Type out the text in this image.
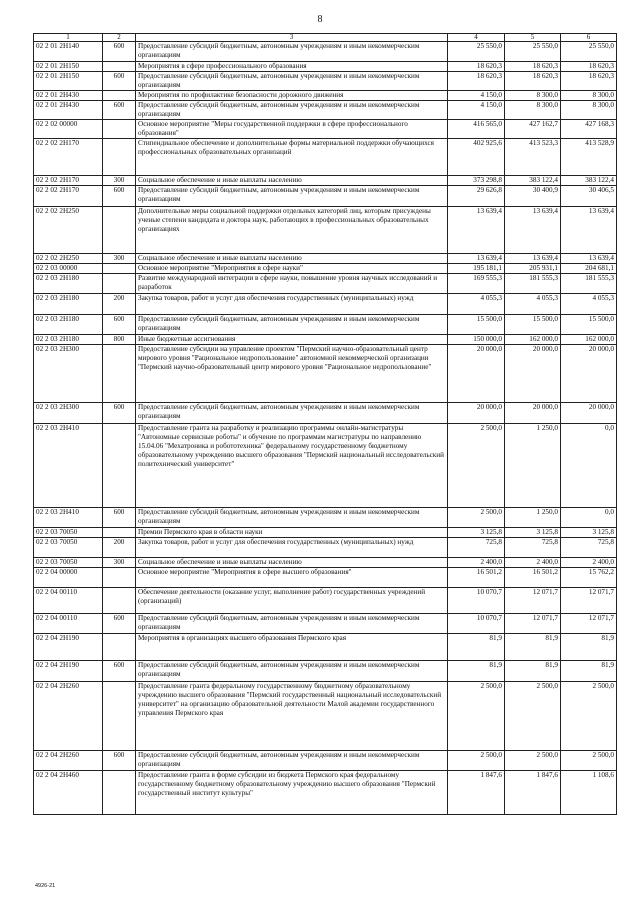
8
1	2	3	4	5	6
02 2 01 2Н140	600	Предоставление субсидий бюджетным, автономным учреждениям и иным некоммерческим организациям	25 550,0	25 550,0	25 550,0
02 2 01 2Н150		Мероприятия в сфере профессионального образования	18 620,3	18 620,3	18 620,3
02 2 01 2Н150	600	Предоставление субсидий бюджетным, автономным учреждениям и иным некоммерческим организациям	18 620,3	18 620,3	18 620,3
02 2 01 2Н430		Мероприятия по профилактике безопасности дорожного движения	4 150,0	8 300,0	8 300,0
02 2 01 2Н430	600	Предоставление субсидий бюджетным, автономным учреждениям и иным некоммерческим организациям	4 150,0	8 300,0	8 300,0
02 2 02 00000		Основное мероприятие "Меры государственной поддержки в сфере профессионального образования"	416 565,0	427 162,7	427 168,3
02 2 02 2Н170		Стипендиальное обеспечение и дополнительные формы материальной поддержки обучающихся профессиональных образовательных организаций	402 925,6	413 523,3	413 528,9
02 2 02 2Н170	300	Социальное обеспечение и иные выплаты населению	373 298,8	383 122,4	383 122,4
02 2 02 2Н170	600	Предоставление субсидий бюджетным, автономным учреждениям и иным некоммерческим организациям	29 626,8	30 400,9	30 406,5
02 2 02 2Н250		Дополнительные меры социальной поддержки отдельных категорий лиц, которым присуждены ученые степени кандидата и доктора наук, работающих в профессиональных образовательных организациях	13 639,4	13 639,4	13 639,4
02 2 02 2Н250	300	Социальное обеспечение и иные выплаты населению	13 639,4	13 639,4	13 639,4
02 2 03 00000		Основное мероприятие "Мероприятия в сфере науки"	195 181,1	205 931,1	204 681,1
02 2 03 2Н180		Развитие международной интеграции в сфере науки, повышение уровня научных исследований и разработок	169 555,3	181 555,3	181 555,3
02 2 03 2Н180	200	Закупка товаров, работ и услуг для обеспечения государственных (муниципальных) нужд	4 055,3	4 055,3	4 055,3
02 2 03 2Н180	600	Предоставление субсидий бюджетным, автономным учреждениям и иным некоммерческим организациям	15 500,0	15 500,0	15 500,0
02 2 03 2Н180	800	Иные бюджетные ассигнования	150 000,0	162 000,0	162 000,0
02 2 03 2Н300		Предоставление субсидии на управление проектом "Пермский научно-образовательный центр мирового уровня "Рациональное недропользование" автономной некоммерческой организации "Пермский научно-образовательный центр мирового уровня "Рациональное недропользование"	20 000,0	20 000,0	20 000,0
02 2 03 2Н300	600	Предоставление субсидий бюджетным, автономным учреждениям и иным некоммерческим организациям	20 000,0	20 000,0	20 000,0
02 2 03 2Н410		Предоставление гранта на разработку и реализацию программы онлайн-магистратуры "Автономные сервисные роботы" и обучение по программам магистратуры по направлению 15.04.06 "Мехатроника и робототехника" федеральному государственному бюджетному образовательному учреждению высшего образования "Пермский национальный исследовательский политехнический университет"	2 500,0	1 250,0	0,0
02 2 03 2Н410	600	Предоставление субсидий бюджетным, автономным учреждениям и иным некоммерческим организациям	2 500,0	1 250,0	0,0
02 2 03 70050		Премии Пермского края в области науки	3 125,8	3 125,8	3 125,8
02 2 03 70050	200	Закупка товаров, работ и услуг для обеспечения государственных (муниципальных) нужд	725,8	725,8	725,8
02 2 03 70050	300	Социальное обеспечение и иные выплаты населению	2 400,0	2 400,0	2 400,0
02 2 04 00000		Основное мероприятие "Мероприятия в сфере высшего образования"	16 501,2	16 501,2	15 762,2
02 2 04 00110		Обеспечение деятельности (оказание услуг, выполнение работ) государственных учреждений (организаций)	10 070,7	12 071,7	12 071,7
02 2 04 00110	600	Предоставление субсидий бюджетным, автономным учреждениям и иным некоммерческим организациям	10 070,7	12 071,7	12 071,7
02 2 04 2Н190		Мероприятия в организациях высшего образования Пермского края	81,9	81,9	81,9
02 2 04 2Н190	600	Предоставление субсидий бюджетным, автономным учреждениям и иным некоммерческим организациям	81,9	81,9	81,9
02 2 04 2Н260		Предоставление гранта федеральному государственному бюджетному образовательному учреждению высшего образования "Пермский государственный национальный исследовательский университет" на организацию образовательной деятельности Малой академии государственного управления Пермского края	2 500,0	2 500,0	2 500,0
02 2 04 2Н260	600	Предоставление субсидий бюджетным, автономным учреждениям и иным некоммерческим организациям	2 500,0	2 500,0	2 500,0
02 2 04 2Н460		Предоставление гранта в форме субсидии из бюджета Пермского края федеральному государственному бюджетному образовательному учреждению высшего образования "Пермский государственный институт культуры"	1 847,6	1 847,6	1 108,6
4926-21
